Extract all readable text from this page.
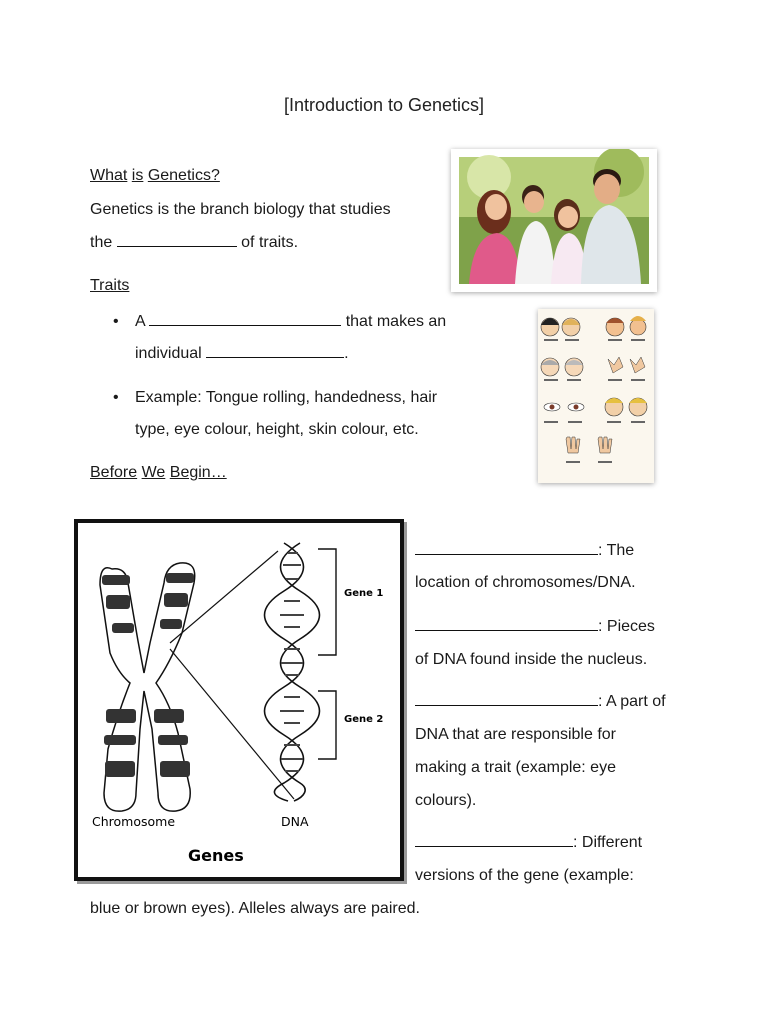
[Introduction to Genetics]
What is Genetics?
Genetics is the branch biology that studies
the	of traits.
Traits
• A	that makes an
individual	.
• Example: Tongue rolling, handedness, hair
type, eye colour, height, skin colour, etc.
Before We Begin…
Gene 1
Gene 2
Chromosome	DNA
Genes
: The
location of chromosomes/DNA.
: Pieces
of DNA found inside the nucleus.
: A part of
DNA that are responsible for
making a trait (example: eye
colours).
: Different
versions of the gene (example:
blue or brown eyes). Alleles always are paired.
